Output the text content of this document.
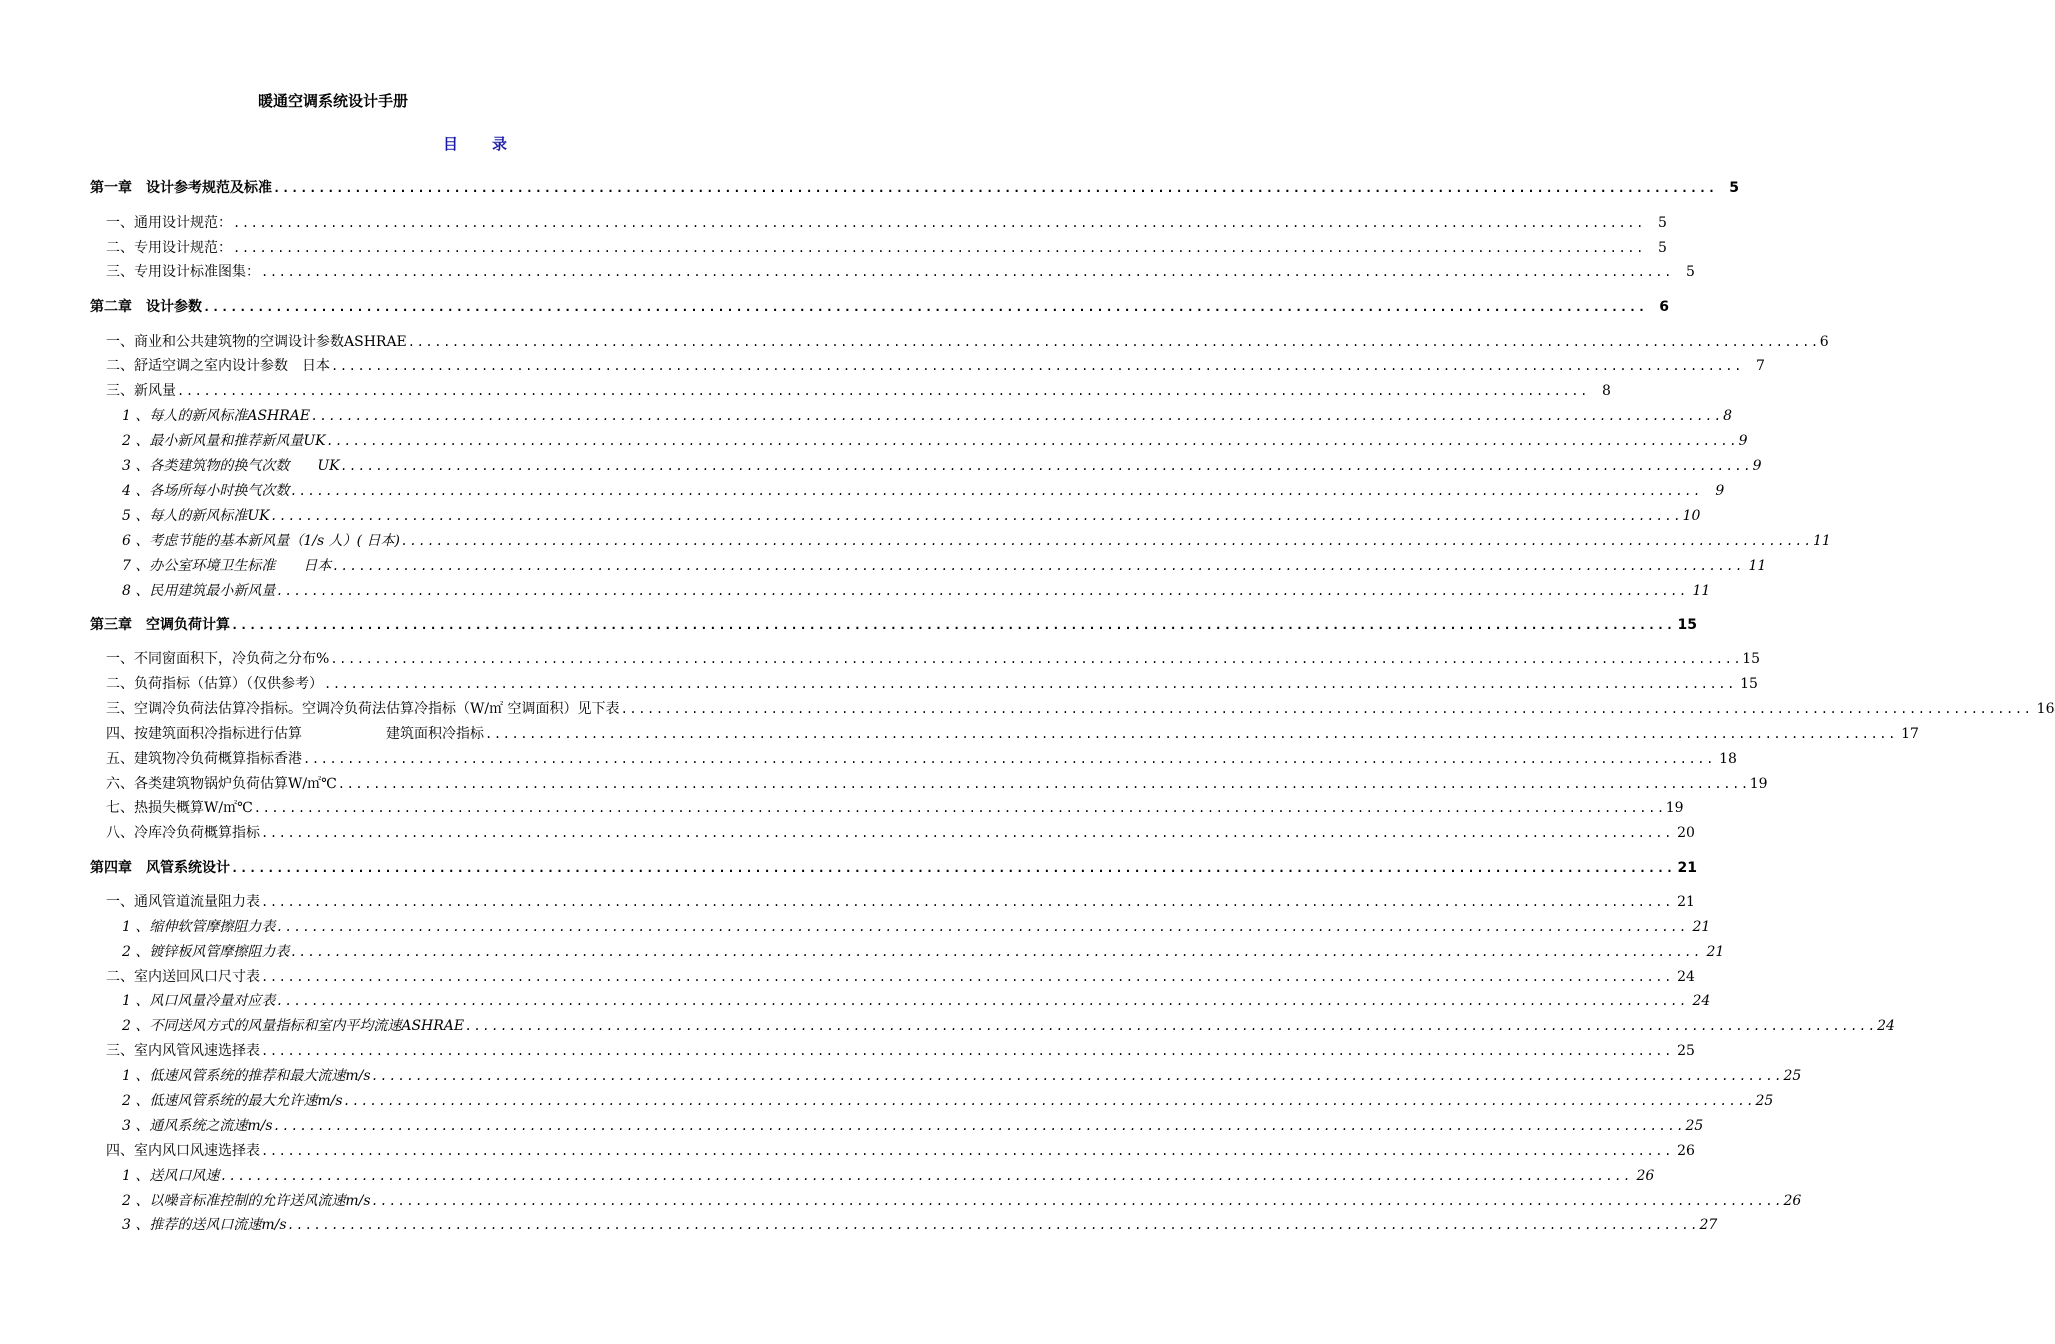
暖通空调系统设计手册
目 录
第一章　设计参考规范及标准 ................................................................................................................................................................ 5
一、通用设计规范： ................................................................................................................................................................ 5
二、专用设计规范： ................................................................................................................................................................ 5
三、专用设计标准图集： ................................................................................................................................................................ 5
第二章　设计参数 ................................................................................................................................................................ 6
一、商业和公共建筑物的空调设计参数ASHRAE ................................................................................................................................................................ 6
二、舒适空调之室内设计参数　日本 ................................................................................................................................................................ 7
三、新风量 ................................................................................................................................................................ 8
1 、每人的新风标准ASHRAE ................................................................................................................................................................ 8
2 、最小新风量和推荐新风量UK ................................................................................................................................................................ 9
3 、各类建筑物的换气次数　　UK ................................................................................................................................................................ 9
4 、各场所每小时换气次数 ................................................................................................................................................................ 9
5 、每人的新风标准UK ................................................................................................................................................................ 10
6 、考虑节能的基本新风量（1/s 人）( 日本) ................................................................................................................................................................ 11
7 、办公室环境卫生标准　　日本 ................................................................................................................................................................ 11
8 、民用建筑最小新风量 ................................................................................................................................................................ 11
第三章　空调负荷计算 ................................................................................................................................................................ 15
一、不同窗面积下，冷负荷之分布% ................................................................................................................................................................ 15
二、负荷指标（估算）（仅供参考） ................................................................................................................................................................ 15
三、空调冷负荷法估算冷指标。空调冷负荷法估算冷指标（W/㎡ 空调面积）见下表 ................................................................................................................................................................ 16
四、按建筑面积冷指标进行估算　　　　　　建筑面积冷指标 ................................................................................................................................................................ 17
五、建筑物冷负荷概算指标香港 ................................................................................................................................................................ 18
六、各类建筑物锅炉负荷估算W/㎡℃ ................................................................................................................................................................ 19
七、热损失概算W/㎡℃ ................................................................................................................................................................ 19
八、冷库冷负荷概算指标 ................................................................................................................................................................ 20
第四章　风管系统设计 ................................................................................................................................................................ 21
一、通风管道流量阻力表 ................................................................................................................................................................ 21
1 、缩伸软管摩擦阻力表 ................................................................................................................................................................ 21
2 、镀锌板风管摩擦阻力表 ................................................................................................................................................................ 21
二、室内送回风口尺寸表 ................................................................................................................................................................ 24
1 、风口风量冷量对应表 ................................................................................................................................................................ 24
2 、不同送风方式的风量指标和室内平均流速ASHRAE ................................................................................................................................................................ 24
三、室内风管风速选择表 ................................................................................................................................................................ 25
1 、低速风管系统的推荐和最大流速m/s ................................................................................................................................................................ 25
2 、低速风管系统的最大允许速m/s ................................................................................................................................................................ 25
3 、通风系统之流速m/s ................................................................................................................................................................ 25
四、室内风口风速选择表 ................................................................................................................................................................ 26
1 、送风口风速 ................................................................................................................................................................ 26
2 、以噪音标准控制的允许送风流速m/s ................................................................................................................................................................ 26
3 、推荐的送风口流速m/s ................................................................................................................................................................ 27
